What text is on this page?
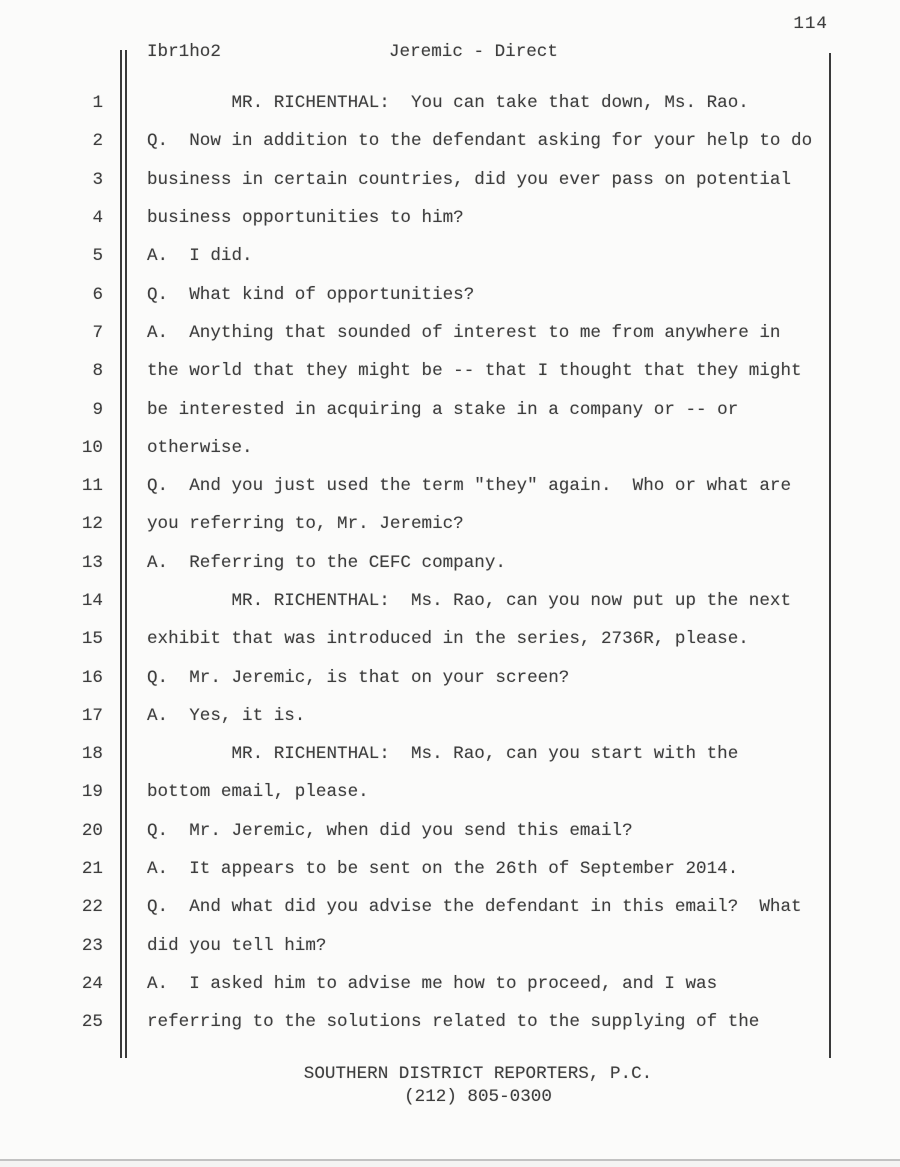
114
Ibr1ho2	Jeremic - Direct
1	MR. RICHENTHAL:  You can take that down, Ms. Rao.
2	Q.  Now in addition to the defendant asking for your help to do
3	business in certain countries, did you ever pass on potential
4	business opportunities to him?
5	A.  I did.
6	Q.  What kind of opportunities?
7	A.  Anything that sounded of interest to me from anywhere in
8	the world that they might be -- that I thought that they might
9	be interested in acquiring a stake in a company or -- or
10	otherwise.
11	Q.  And you just used the term "they" again.  Who or what are
12	you referring to, Mr. Jeremic?
13	A.  Referring to the CEFC company.
14	MR. RICHENTHAL:  Ms. Rao, can you now put up the next
15	exhibit that was introduced in the series, 2736R, please.
16	Q.  Mr. Jeremic, is that on your screen?
17	A.  Yes, it is.
18	MR. RICHENTHAL:  Ms. Rao, can you start with the
19	bottom email, please.
20	Q.  Mr. Jeremic, when did you send this email?
21	A.  It appears to be sent on the 26th of September 2014.
22	Q.  And what did you advise the defendant in this email?  What
23	did you tell him?
24	A.  I asked him to advise me how to proceed, and I was
25	referring to the solutions related to the supplying of the
SOUTHERN DISTRICT REPORTERS, P.C.
(212) 805-0300
